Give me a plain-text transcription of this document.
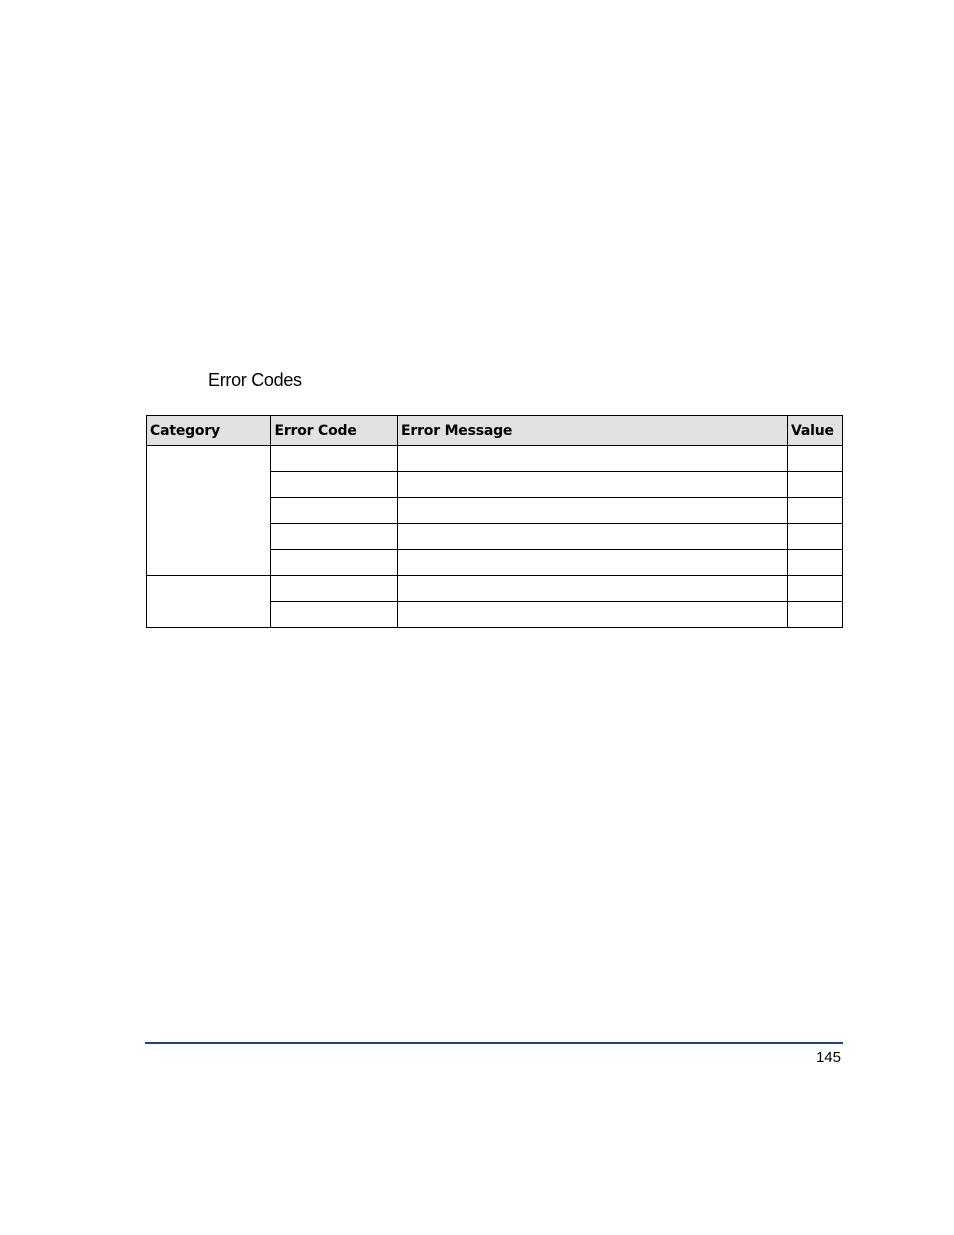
Error Codes
Category	Error Code	Error Message	Value

145
